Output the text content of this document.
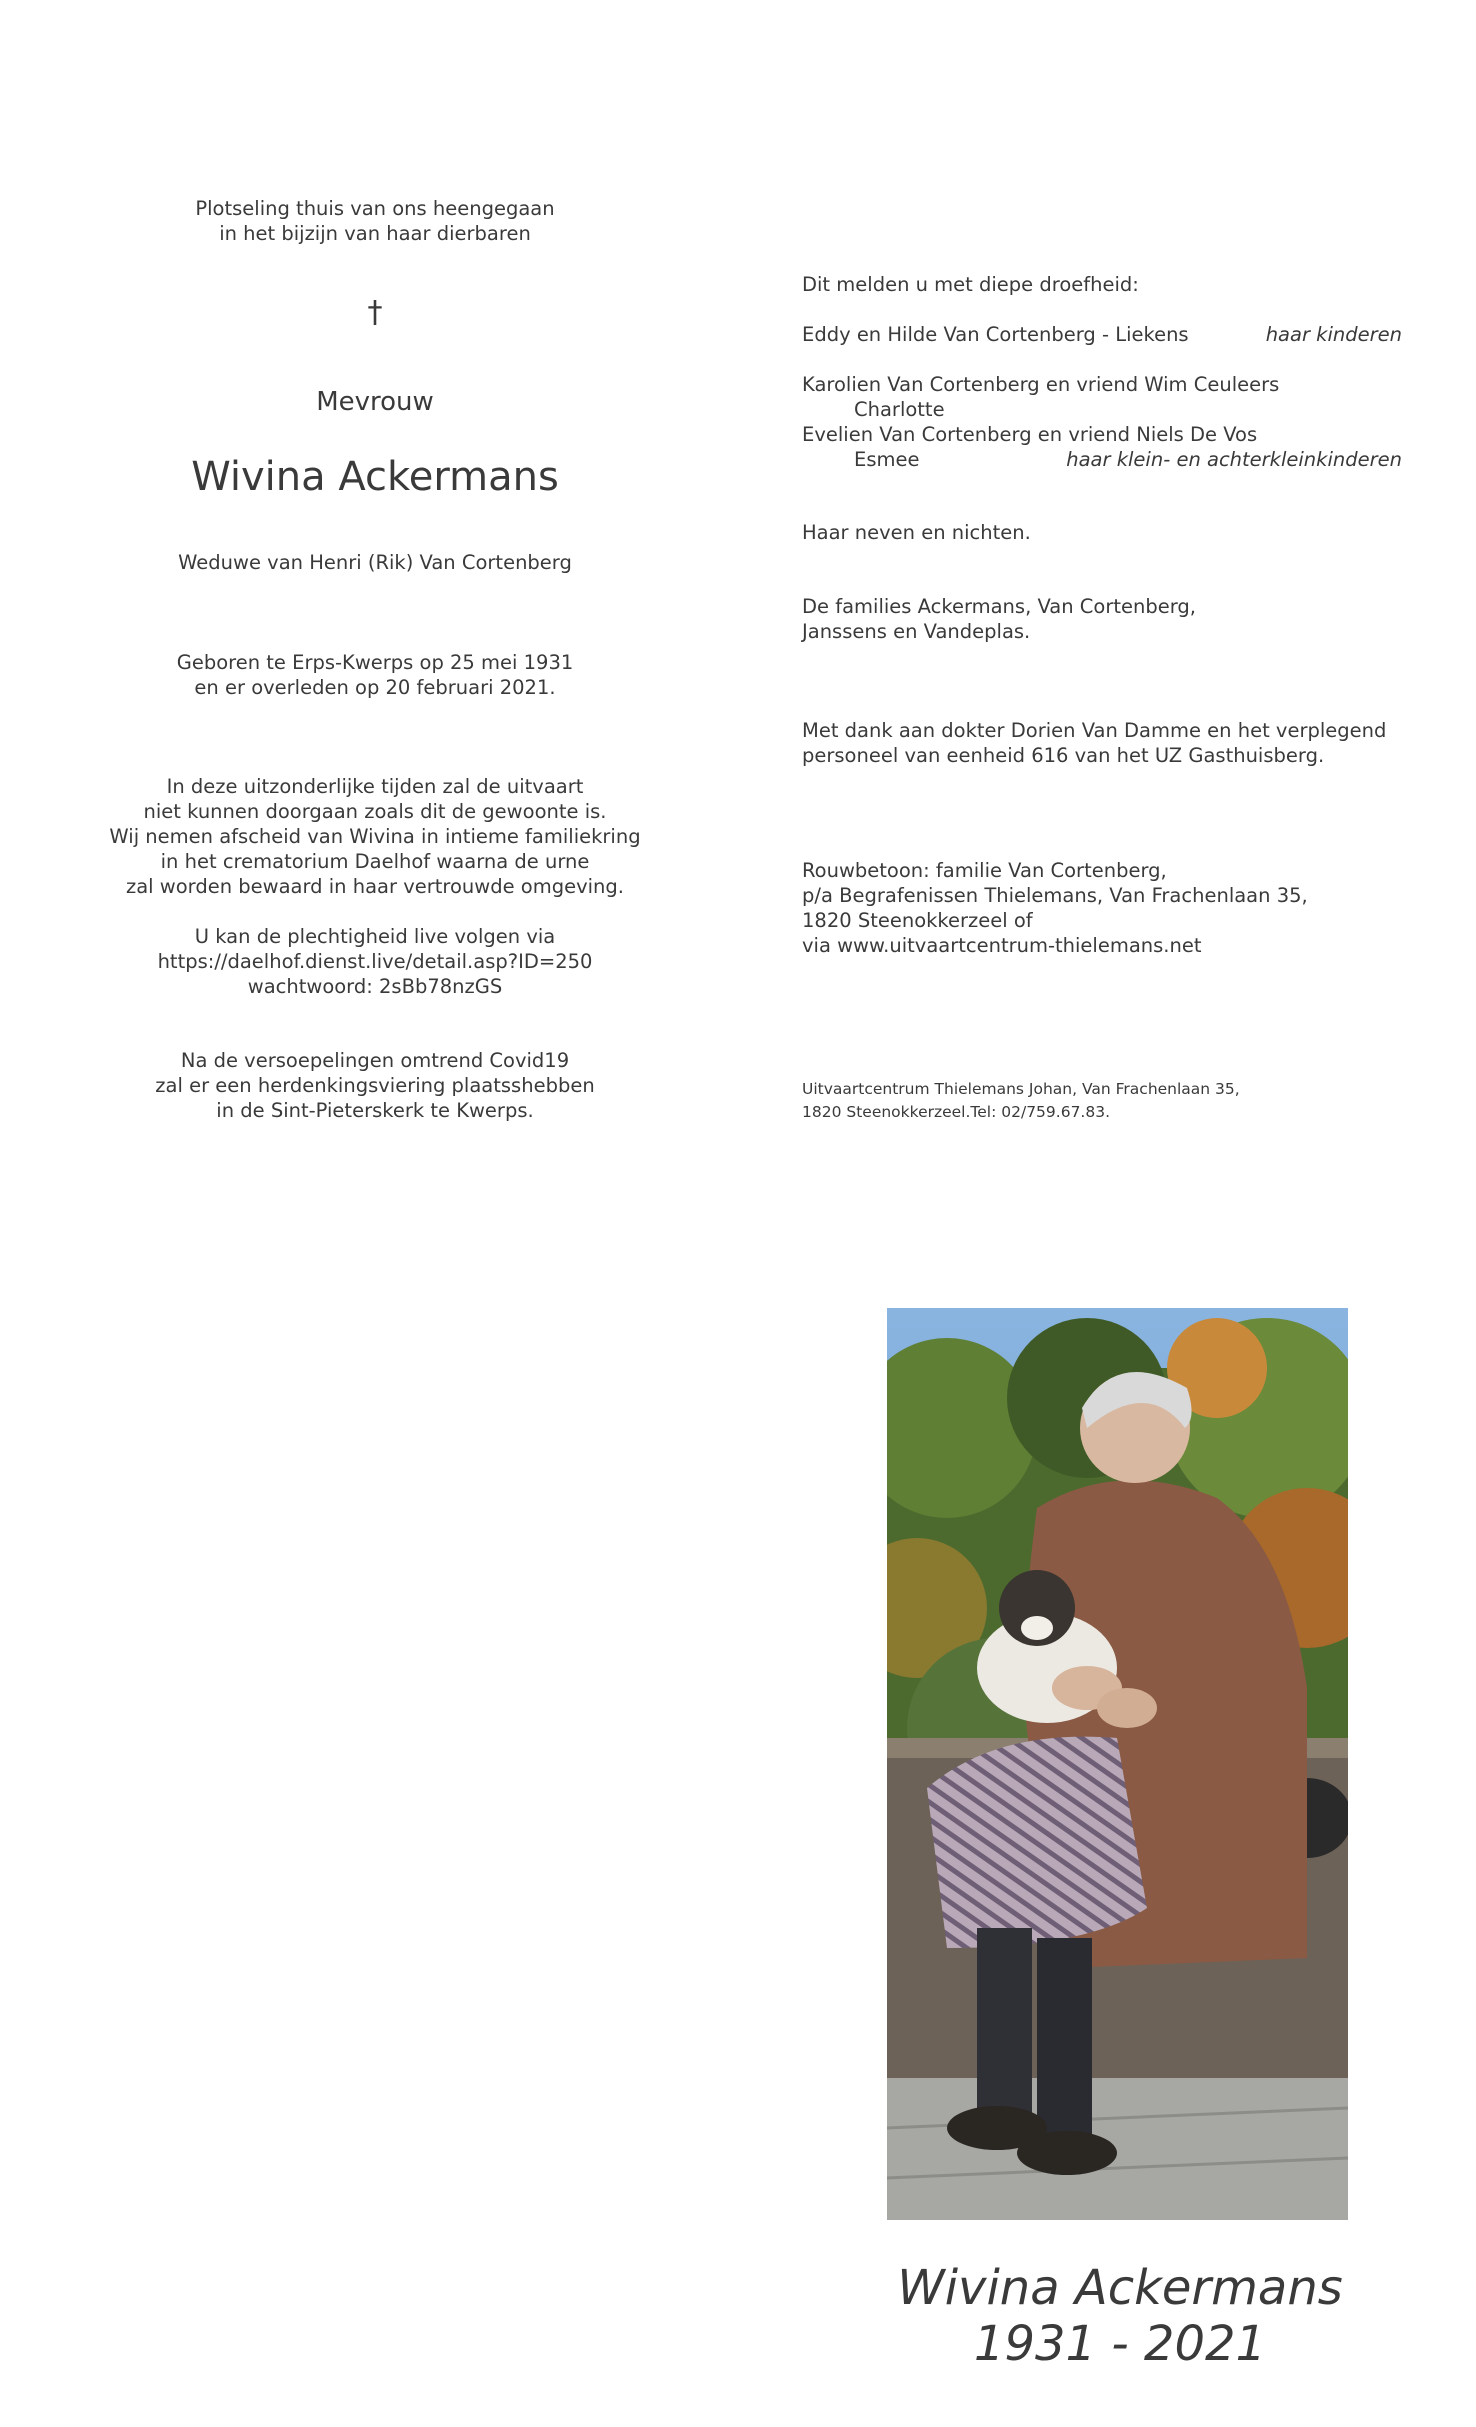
Plotseling thuis van ons heengegaan
in het bijzijn van haar dierbaren
†
Mevrouw
Wivina Ackermans
Weduwe van Henri (Rik) Van Cortenberg
Geboren te Erps-Kwerps op 25 mei 1931
en er overleden op 20 februari 2021.
In deze uitzonderlijke tijden zal de uitvaart
niet kunnen doorgaan zoals dit de gewoonte is.
Wij nemen afscheid van Wivina in intieme familiekring
in het crematorium Daelhof waarna de urne
zal worden bewaard in haar vertrouwde omgeving.
U kan de plechtigheid live volgen via
https://daelhof.dienst.live/detail.asp?ID=250
wachtwoord: 2sBb78nzGS
Na de versoepelingen omtrend Covid19
zal er een herdenkingsviering plaatsshebben
in de Sint-Pieterskerk te Kwerps.
Dit melden u met diepe droefheid:
Eddy en Hilde Van Cortenberg - Liekens	haar kinderen
Karolien Van Cortenberg en vriend Wim Ceuleers
Charlotte
Evelien Van Cortenberg en vriend Niels De Vos
Esmee	haar klein- en achterkleinkinderen
Haar neven en nichten.
De families Ackermans, Van Cortenberg,
Janssens en Vandeplas.
Met dank aan dokter Dorien Van Damme en het verplegend
personeel van eenheid 616 van het UZ Gasthuisberg.
Rouwbetoon: familie Van Cortenberg,
p/a Begrafenissen Thielemans, Van Frachenlaan 35,
1820 Steenokkerzeel of
via www.uitvaartcentrum-thielemans.net
Uitvaartcentrum Thielemans Johan, Van Frachenlaan 35,
1820 Steenokkerzeel.Tel: 02/759.67.83.
Wivina Ackermans
1931 - 2021
